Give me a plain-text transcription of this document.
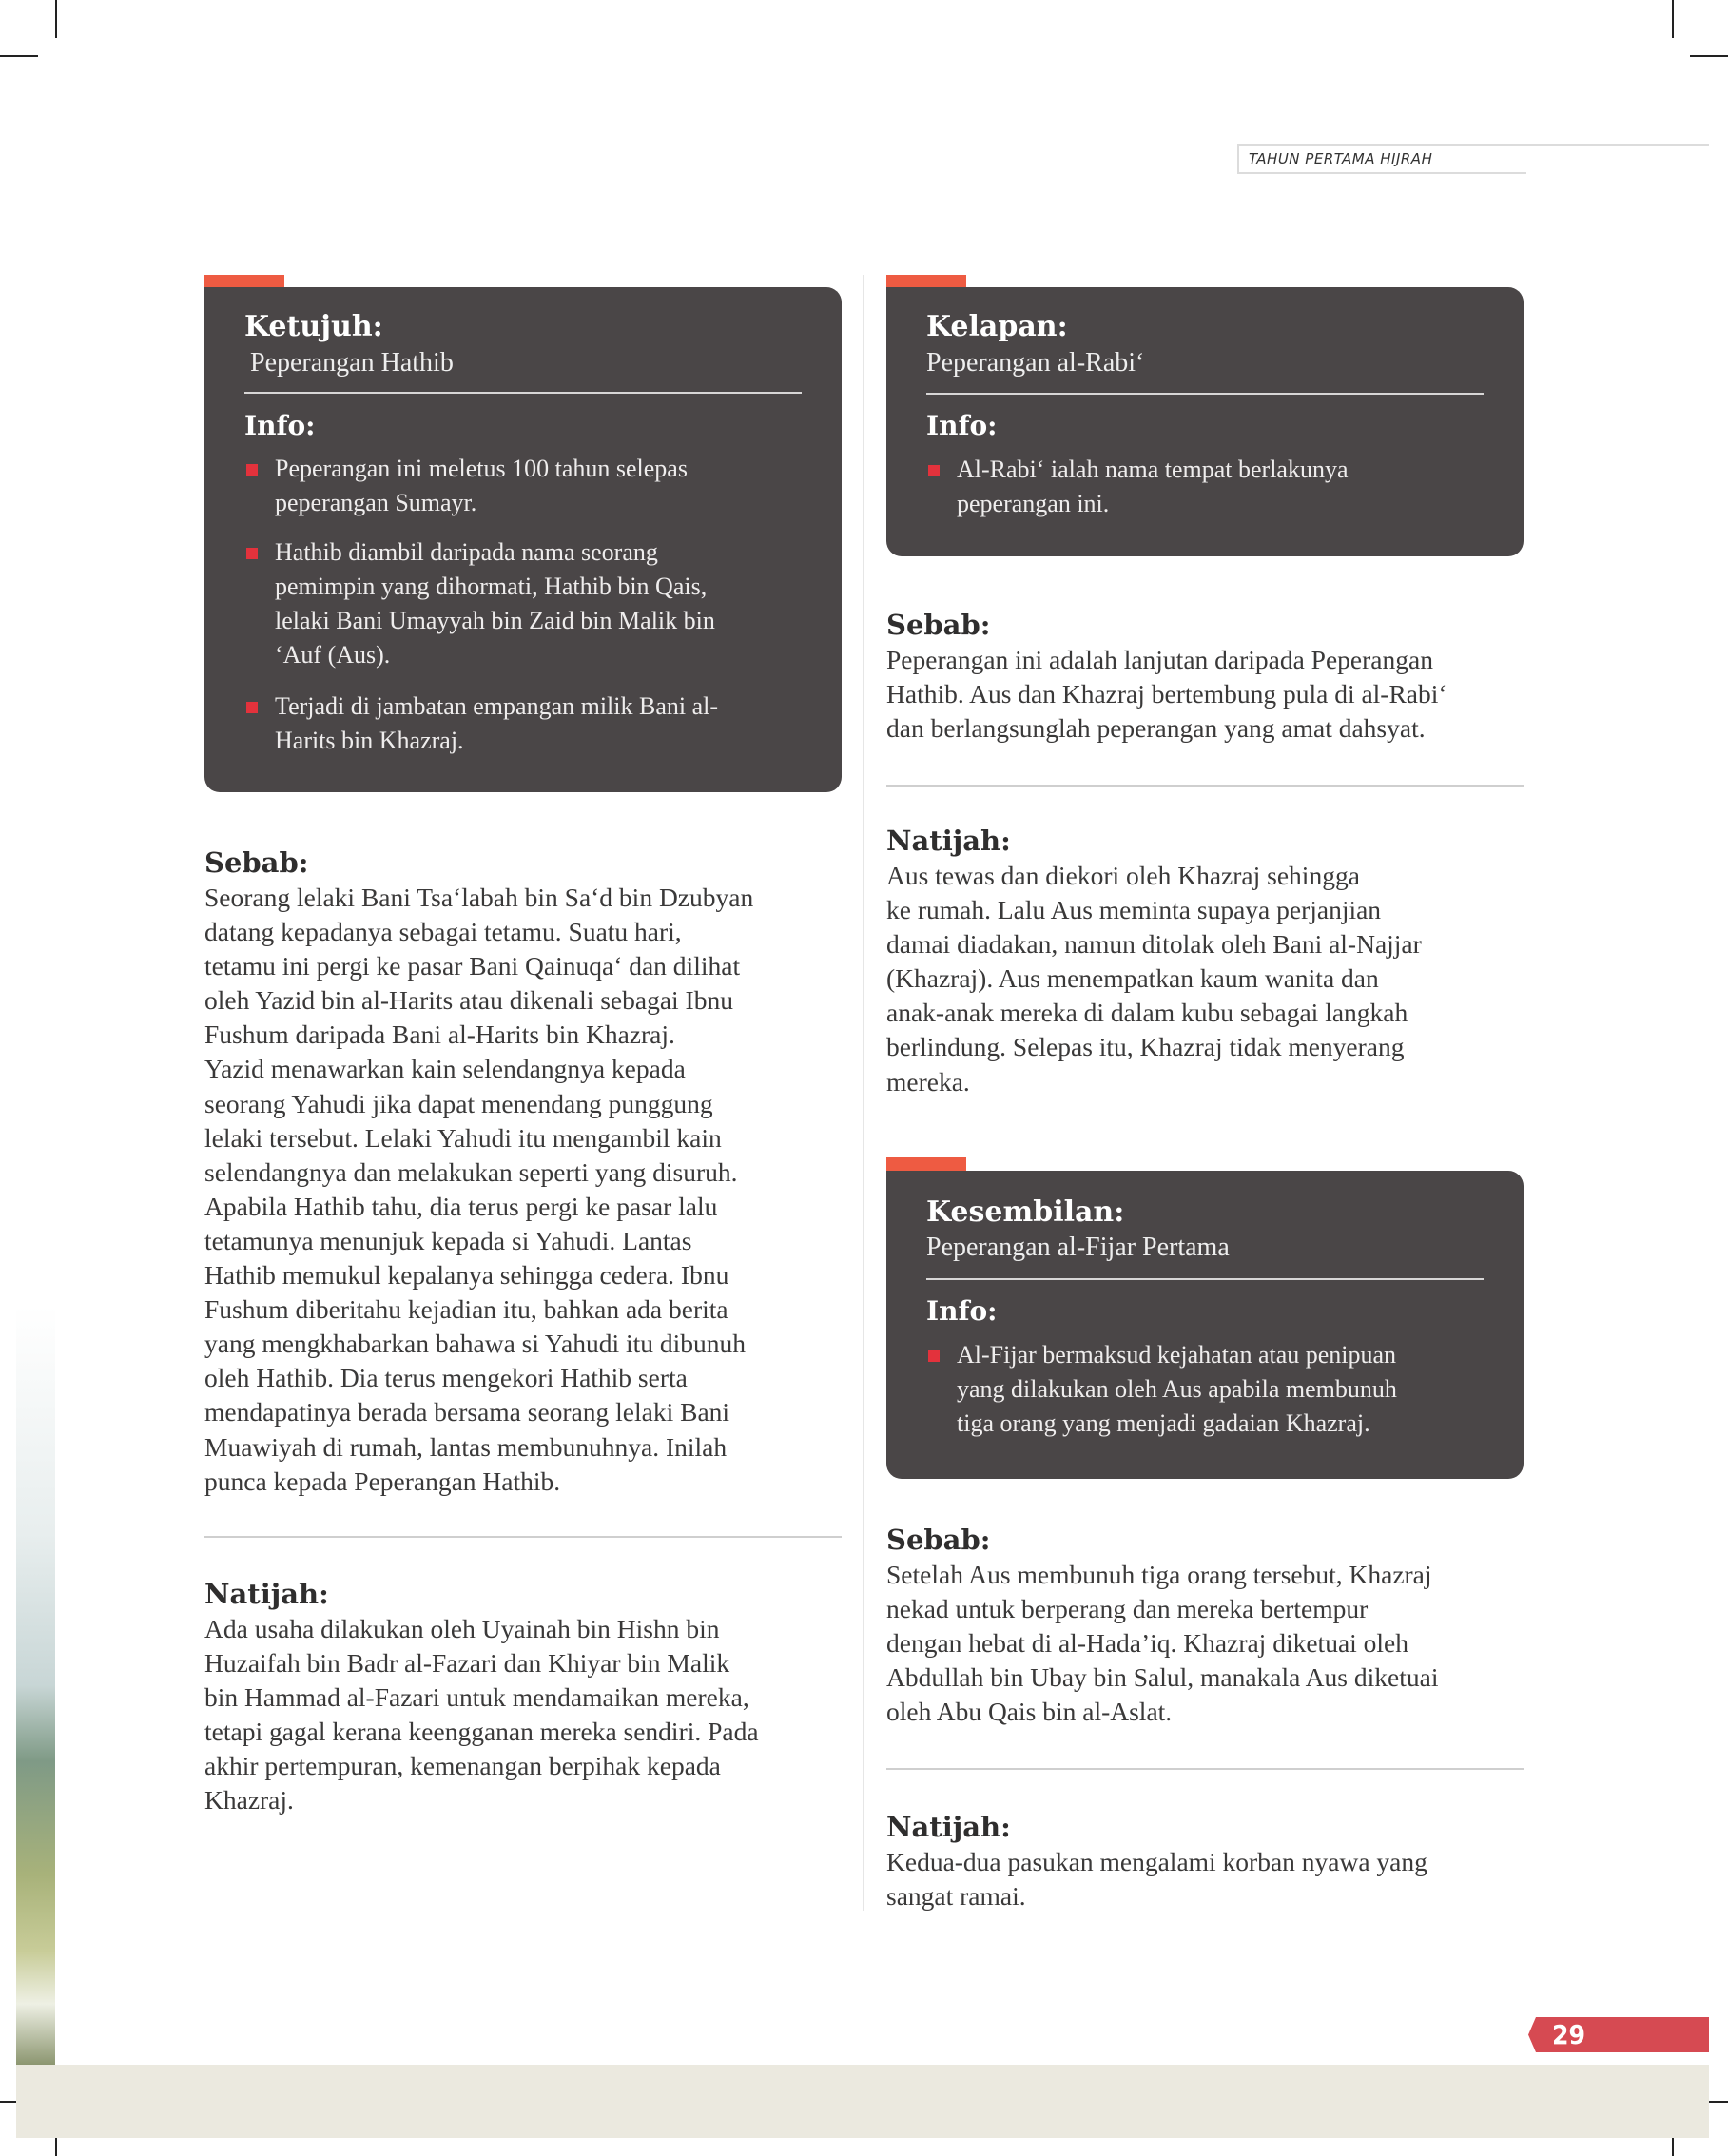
TAHUN PERTAMA HIJRAH
Ketujuh:
Peperangan Hathib
Info:
Peperangan ini meletus 100 tahun selepas
peperangan Sumayr.
Hathib diambil daripada nama seorang
pemimpin yang dihormati, Hathib bin Qais,
lelaki Bani Umayyah bin Zaid bin Malik bin
‘Auf (Aus).
Terjadi di jambatan empangan milik Bani al-
Harits bin Khazraj.
Sebab:
Seorang lelaki Bani Tsa‘labah bin Sa‘d bin Dzubyan
datang kepadanya sebagai tetamu. Suatu hari,
tetamu ini pergi ke pasar Bani Qainuqa‘ dan dilihat
oleh Yazid bin al-Harits atau dikenali sebagai Ibnu
Fushum daripada Bani al-Harits bin Khazraj.
Yazid menawarkan kain selendangnya kepada
seorang Yahudi jika dapat menendang punggung
lelaki tersebut. Lelaki Yahudi itu mengambil kain
selendangnya dan melakukan seperti yang disuruh.
Apabila Hathib tahu, dia terus pergi ke pasar lalu
tetamunya menunjuk kepada si Yahudi. Lantas
Hathib memukul kepalanya sehingga cedera. Ibnu
Fushum diberitahu kejadian itu, bahkan ada berita
yang mengkhabarkan bahawa si Yahudi itu dibunuh
oleh Hathib. Dia terus mengekori Hathib serta
mendapatinya berada bersama seorang lelaki Bani
Muawiyah di rumah, lantas membunuhnya. Inilah
punca kepada Peperangan Hathib.
Natijah:
Ada usaha dilakukan oleh Uyainah bin Hishn bin
Huzaifah bin Badr al-Fazari dan Khiyar bin Malik
bin Hammad al-Fazari untuk mendamaikan mereka,
tetapi gagal kerana keengganan mereka sendiri. Pada
akhir pertempuran, kemenangan berpihak kepada
Khazraj.
Kelapan:
Peperangan al-Rabi‘
Info:
Al-Rabi‘ ialah nama tempat berlakunya
peperangan ini.
Sebab:
Peperangan ini adalah lanjutan daripada Peperangan
Hathib. Aus dan Khazraj bertembung pula di al-Rabi‘
dan berlangsunglah peperangan yang amat dahsyat.
Natijah:
Aus tewas dan diekori oleh Khazraj sehingga
ke rumah. Lalu Aus meminta supaya perjanjian
damai diadakan, namun ditolak oleh Bani al-Najjar
(Khazraj). Aus menempatkan kaum wanita dan
anak-anak mereka di dalam kubu sebagai langkah
berlindung. Selepas itu, Khazraj tidak menyerang
mereka.
Kesembilan:
Peperangan al-Fijar Pertama
Info:
Al-Fijar bermaksud kejahatan atau penipuan
yang dilakukan oleh Aus apabila membunuh
tiga orang yang menjadi gadaian Khazraj.
Sebab:
Setelah Aus membunuh tiga orang tersebut, Khazraj
nekad untuk berperang dan mereka bertempur
dengan hebat di al-Hada’iq. Khazraj diketuai oleh
Abdullah bin Ubay bin Salul, manakala Aus diketuai
oleh Abu Qais bin al-Aslat.
Natijah:
Kedua-dua pasukan mengalami korban nyawa yang
sangat ramai.
29
